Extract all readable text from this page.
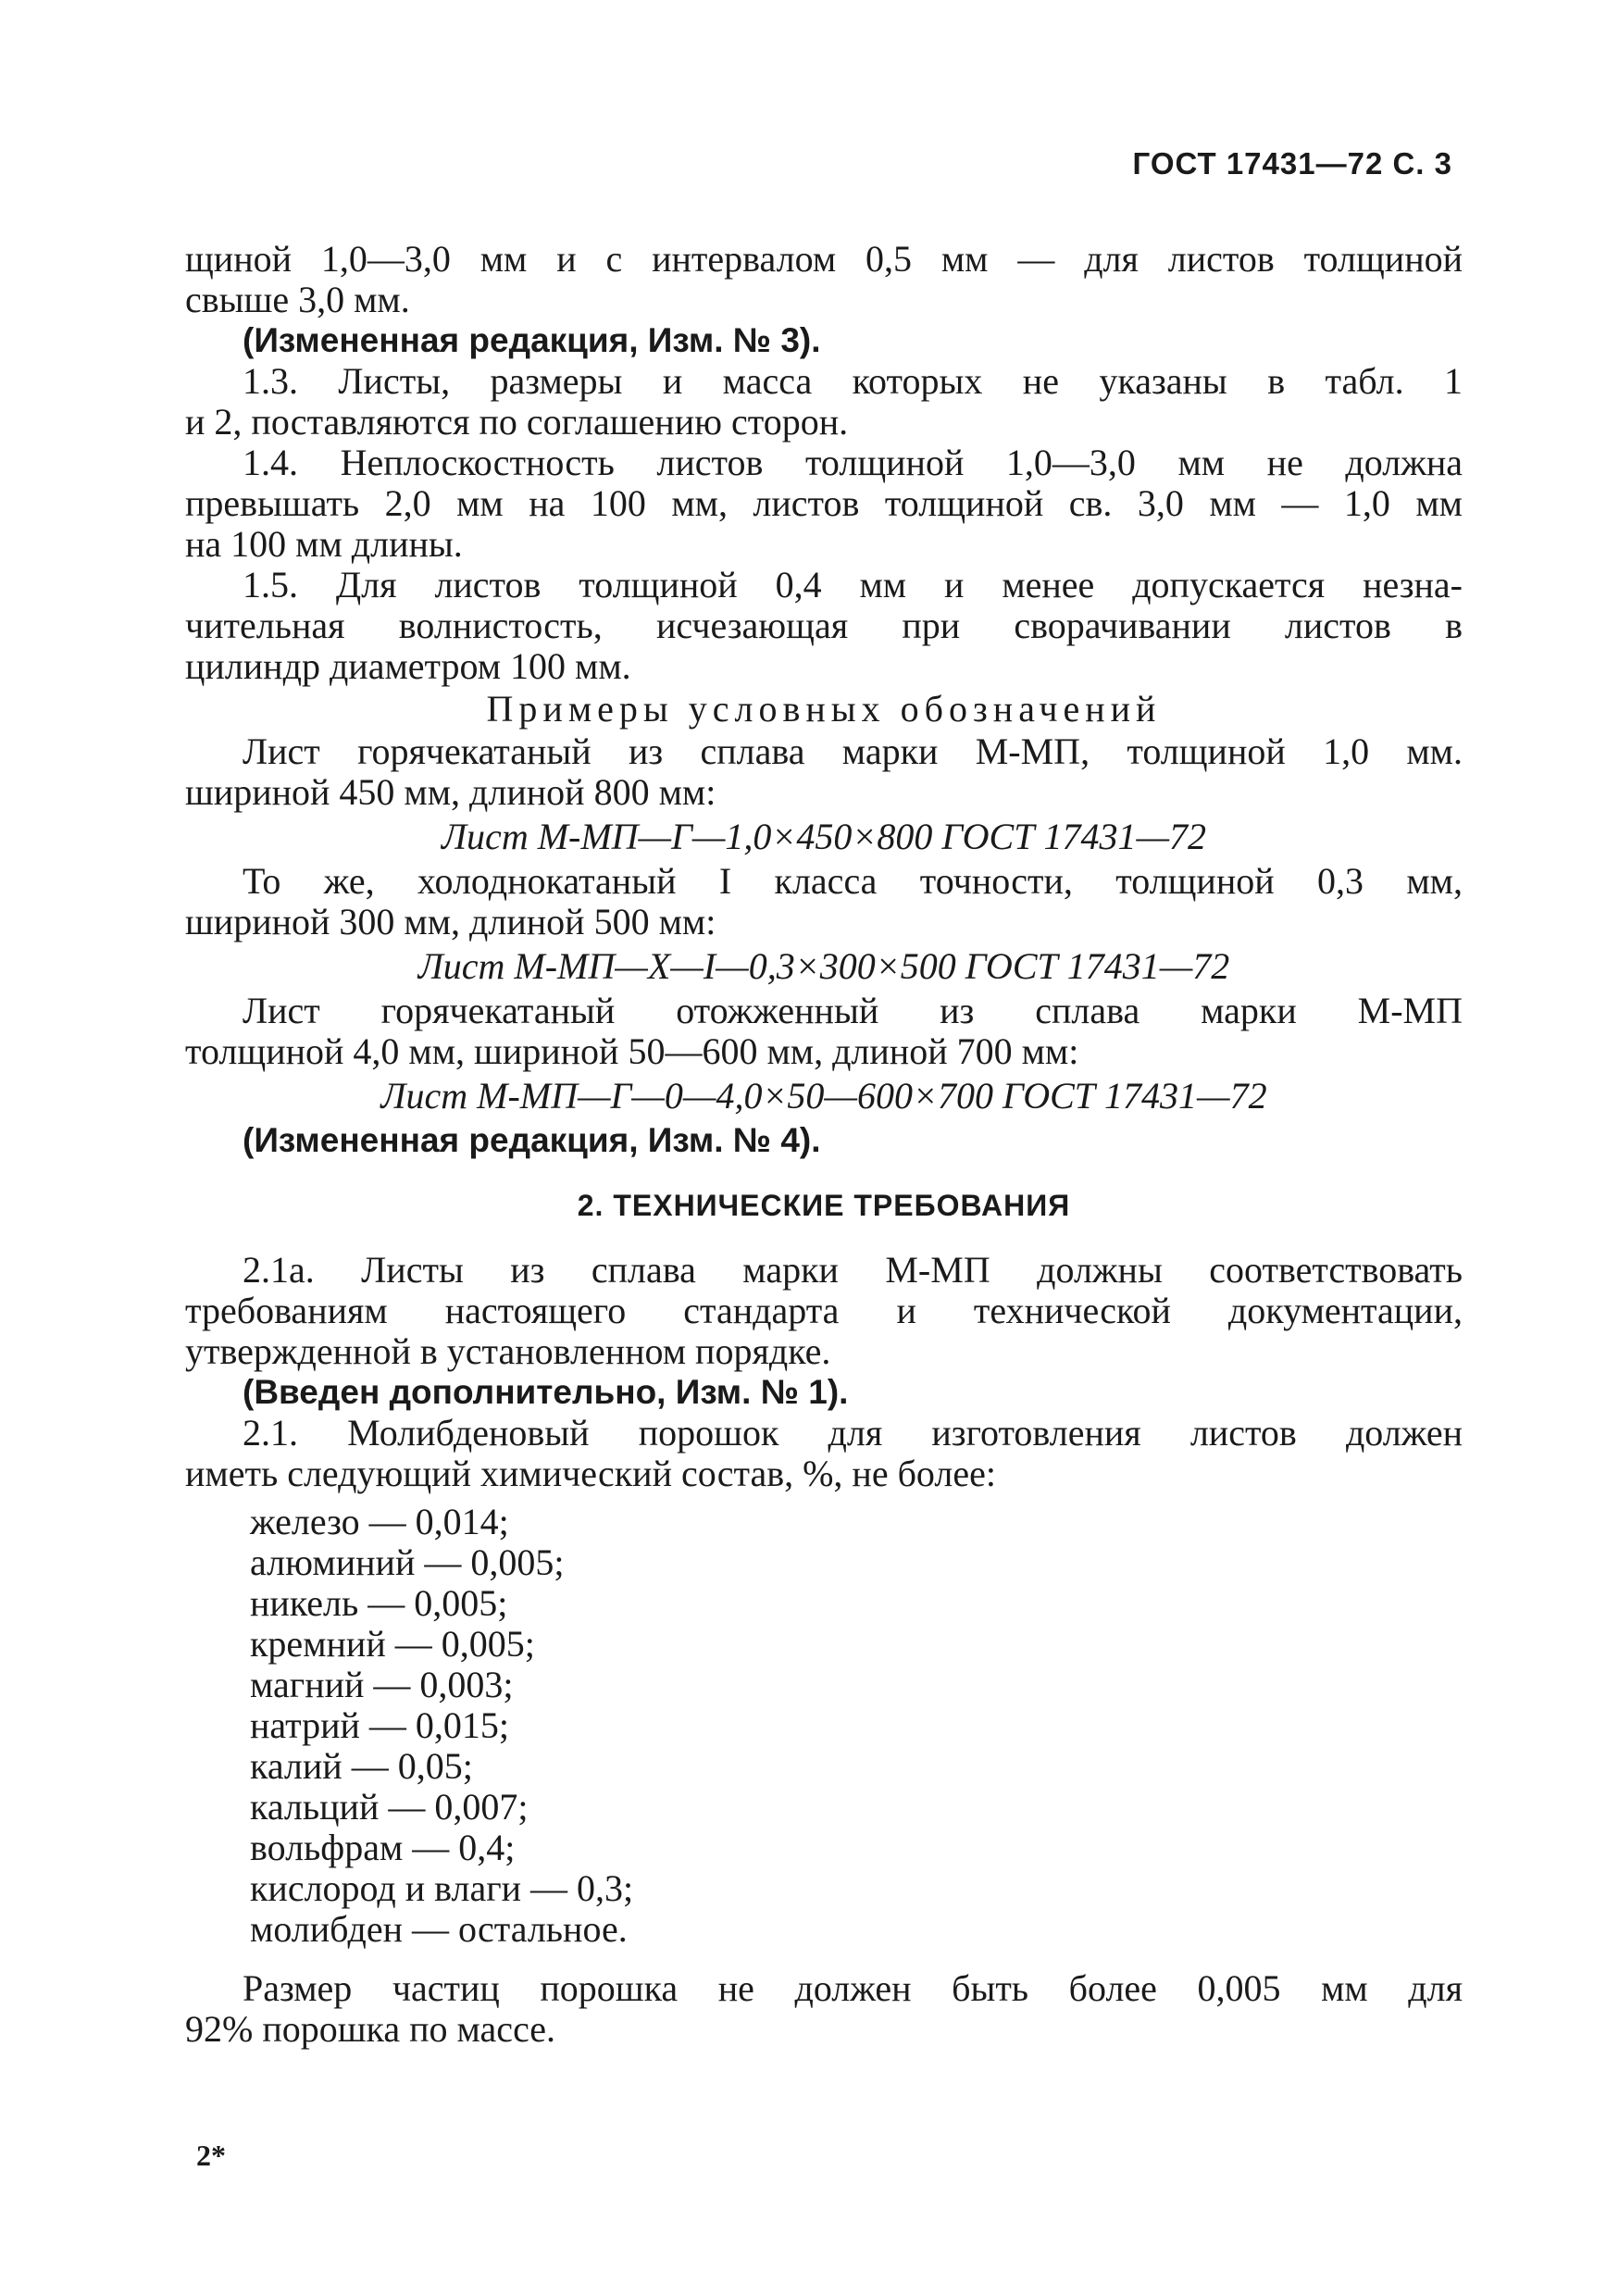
ГОСТ 17431—72 С. 3
щиной 1,0—3,0 мм и с интервалом 0,5 мм — для листов толщиной
свыше 3,0 мм.
(Измененная редакция, Изм. № 3).
1.3. Листы, размеры и масса которых не указаны в табл. 1
и 2, поставляются по соглашению сторон.
1.4. Неплоскостность листов толщиной 1,0—3,0 мм не должна
превышать 2,0 мм на 100 мм, листов толщиной св. 3,0 мм — 1,0 мм
на 100 мм длины.
1.5. Для листов толщиной 0,4 мм и менее допускается незна-
чительная волнистость, исчезающая при сворачивании листов в
цилиндр диаметром 100 мм.
Примеры условных обозначений
Лист горячекатаный из сплава марки М-МП, толщиной 1,0 мм.
шириной 450 мм, длиной 800 мм:
Лист М-МП—Г—1,0×450×800 ГОСТ 17431—72
То же, холоднокатаный I класса точности, толщиной 0,3 мм,
шириной 300 мм, длиной 500 мм:
Лист М-МП—Х—I—0,3×300×500 ГОСТ 17431—72
Лист горячекатаный отожженный из сплава марки М-МП
толщиной 4,0 мм, шириной 50—600 мм, длиной 700 мм:
Лист М-МП—Г—0—4,0×50—600×700 ГОСТ 17431—72
(Измененная редакция, Изм. № 4).
2. ТЕХНИЧЕСКИЕ ТРЕБОВАНИЯ
2.1а. Листы из сплава марки М-МП должны соответствовать
требованиям настоящего стандарта и технической документации,
утвержденной в установленном порядке.
(Введен дополнительно, Изм. № 1).
2.1. Молибденовый порошок для изготовления листов должен
иметь следующий химический состав, %, не более:
железо — 0,014;
алюминий — 0,005;
никель — 0,005;
кремний — 0,005;
магний — 0,003;
натрий — 0,015;
калий — 0,05;
кальций — 0,007;
вольфрам — 0,4;
кислород и влаги — 0,3;
молибден — остальное.
Размер частиц порошка не должен быть более 0,005 мм для
92% порошка по массе.
2*
